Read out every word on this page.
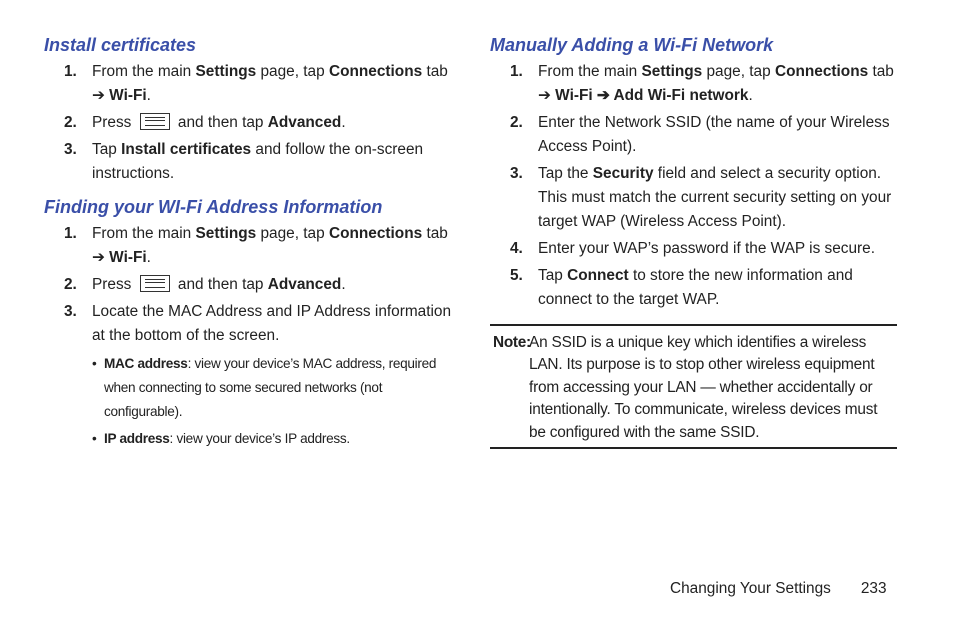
Install certificates
1. From the main Settings page, tap Connections tab ➔ Wi-Fi.
2. Press  and then tap Advanced.
3. Tap Install certificates and follow the on-screen instructions.
Finding your WI-Fi Address Information
1. From the main Settings page, tap Connections tab ➔ Wi-Fi.
2. Press  and then tap Advanced.
3. Locate the MAC Address and IP Address information at the bottom of the screen.
• MAC address: view your device’s MAC address, required when connecting to some secured networks (not configurable).
• IP address: view your device’s IP address.
Manually Adding a Wi-Fi Network
1. From the main Settings page, tap Connections tab ➔ Wi-Fi ➔ Add Wi-Fi network.
2. Enter the Network SSID (the name of your Wireless Access Point).
3. Tap the Security field and select a security option. This must match the current security setting on your target WAP (Wireless Access Point).
4. Enter your WAP’s password if the WAP is secure.
5. Tap Connect to store the new information and connect to the target WAP.
Note:
An SSID is a unique key which identifies a wireless LAN. Its purpose is to stop other wireless equipment from accessing your LAN — whether accidentally or intentionally. To communicate, wireless devices must be configured with the same SSID.
Changing Your Settings 233
